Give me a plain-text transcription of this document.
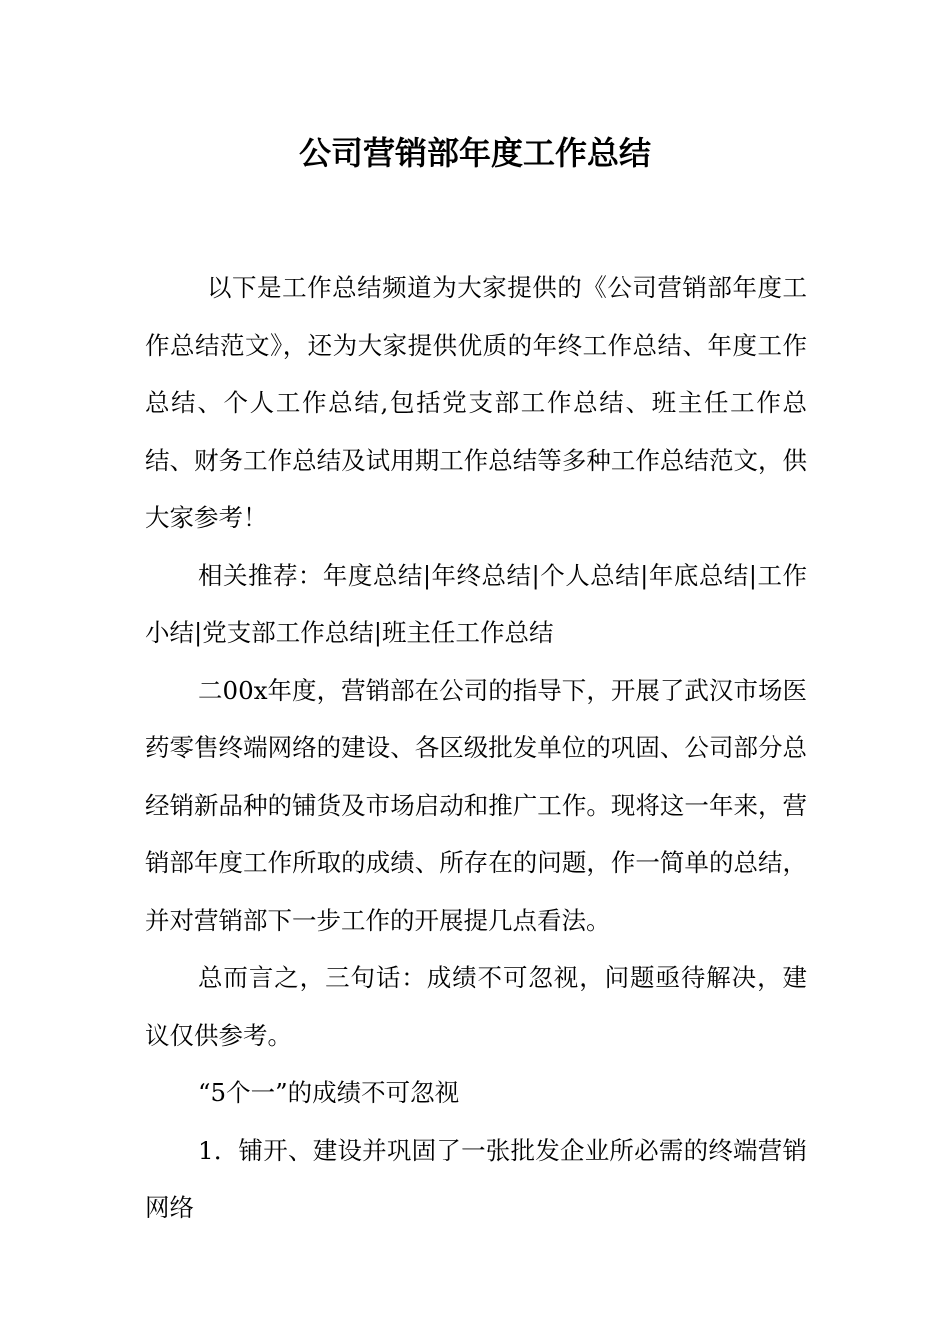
公司营销部年度工作总结

以下是工作总结频道为大家提供的《公司营销部年度工作总结范文》，还为大家提供优质的年终工作总结、年度工作总结、个人工作总结,包括党支部工作总结、班主任工作总结、财务工作总结及试用期工作总结等多种工作总结范文，供大家参考！

相关推荐：年度总结|年终总结|个人总结|年底总结|工作小结|党支部工作总结|班主任工作总结

二00x年度，营销部在公司的指导下，开展了武汉市场医药零售终端网络的建设、各区级批发单位的巩固、公司部分总经销新品种的铺货及市场启动和推广工作。现将这一年来，营销部年度工作所取的成绩、所存在的问题，作一简单的总结，并对营销部下一步工作的开展提几点看法。

总而言之，三句话：成绩不可忽视，问题亟待解决，建议仅供参考。

“5个一”的成绩不可忽视

1．铺开、建设并巩固了一张批发企业所必需的终端营销网络
